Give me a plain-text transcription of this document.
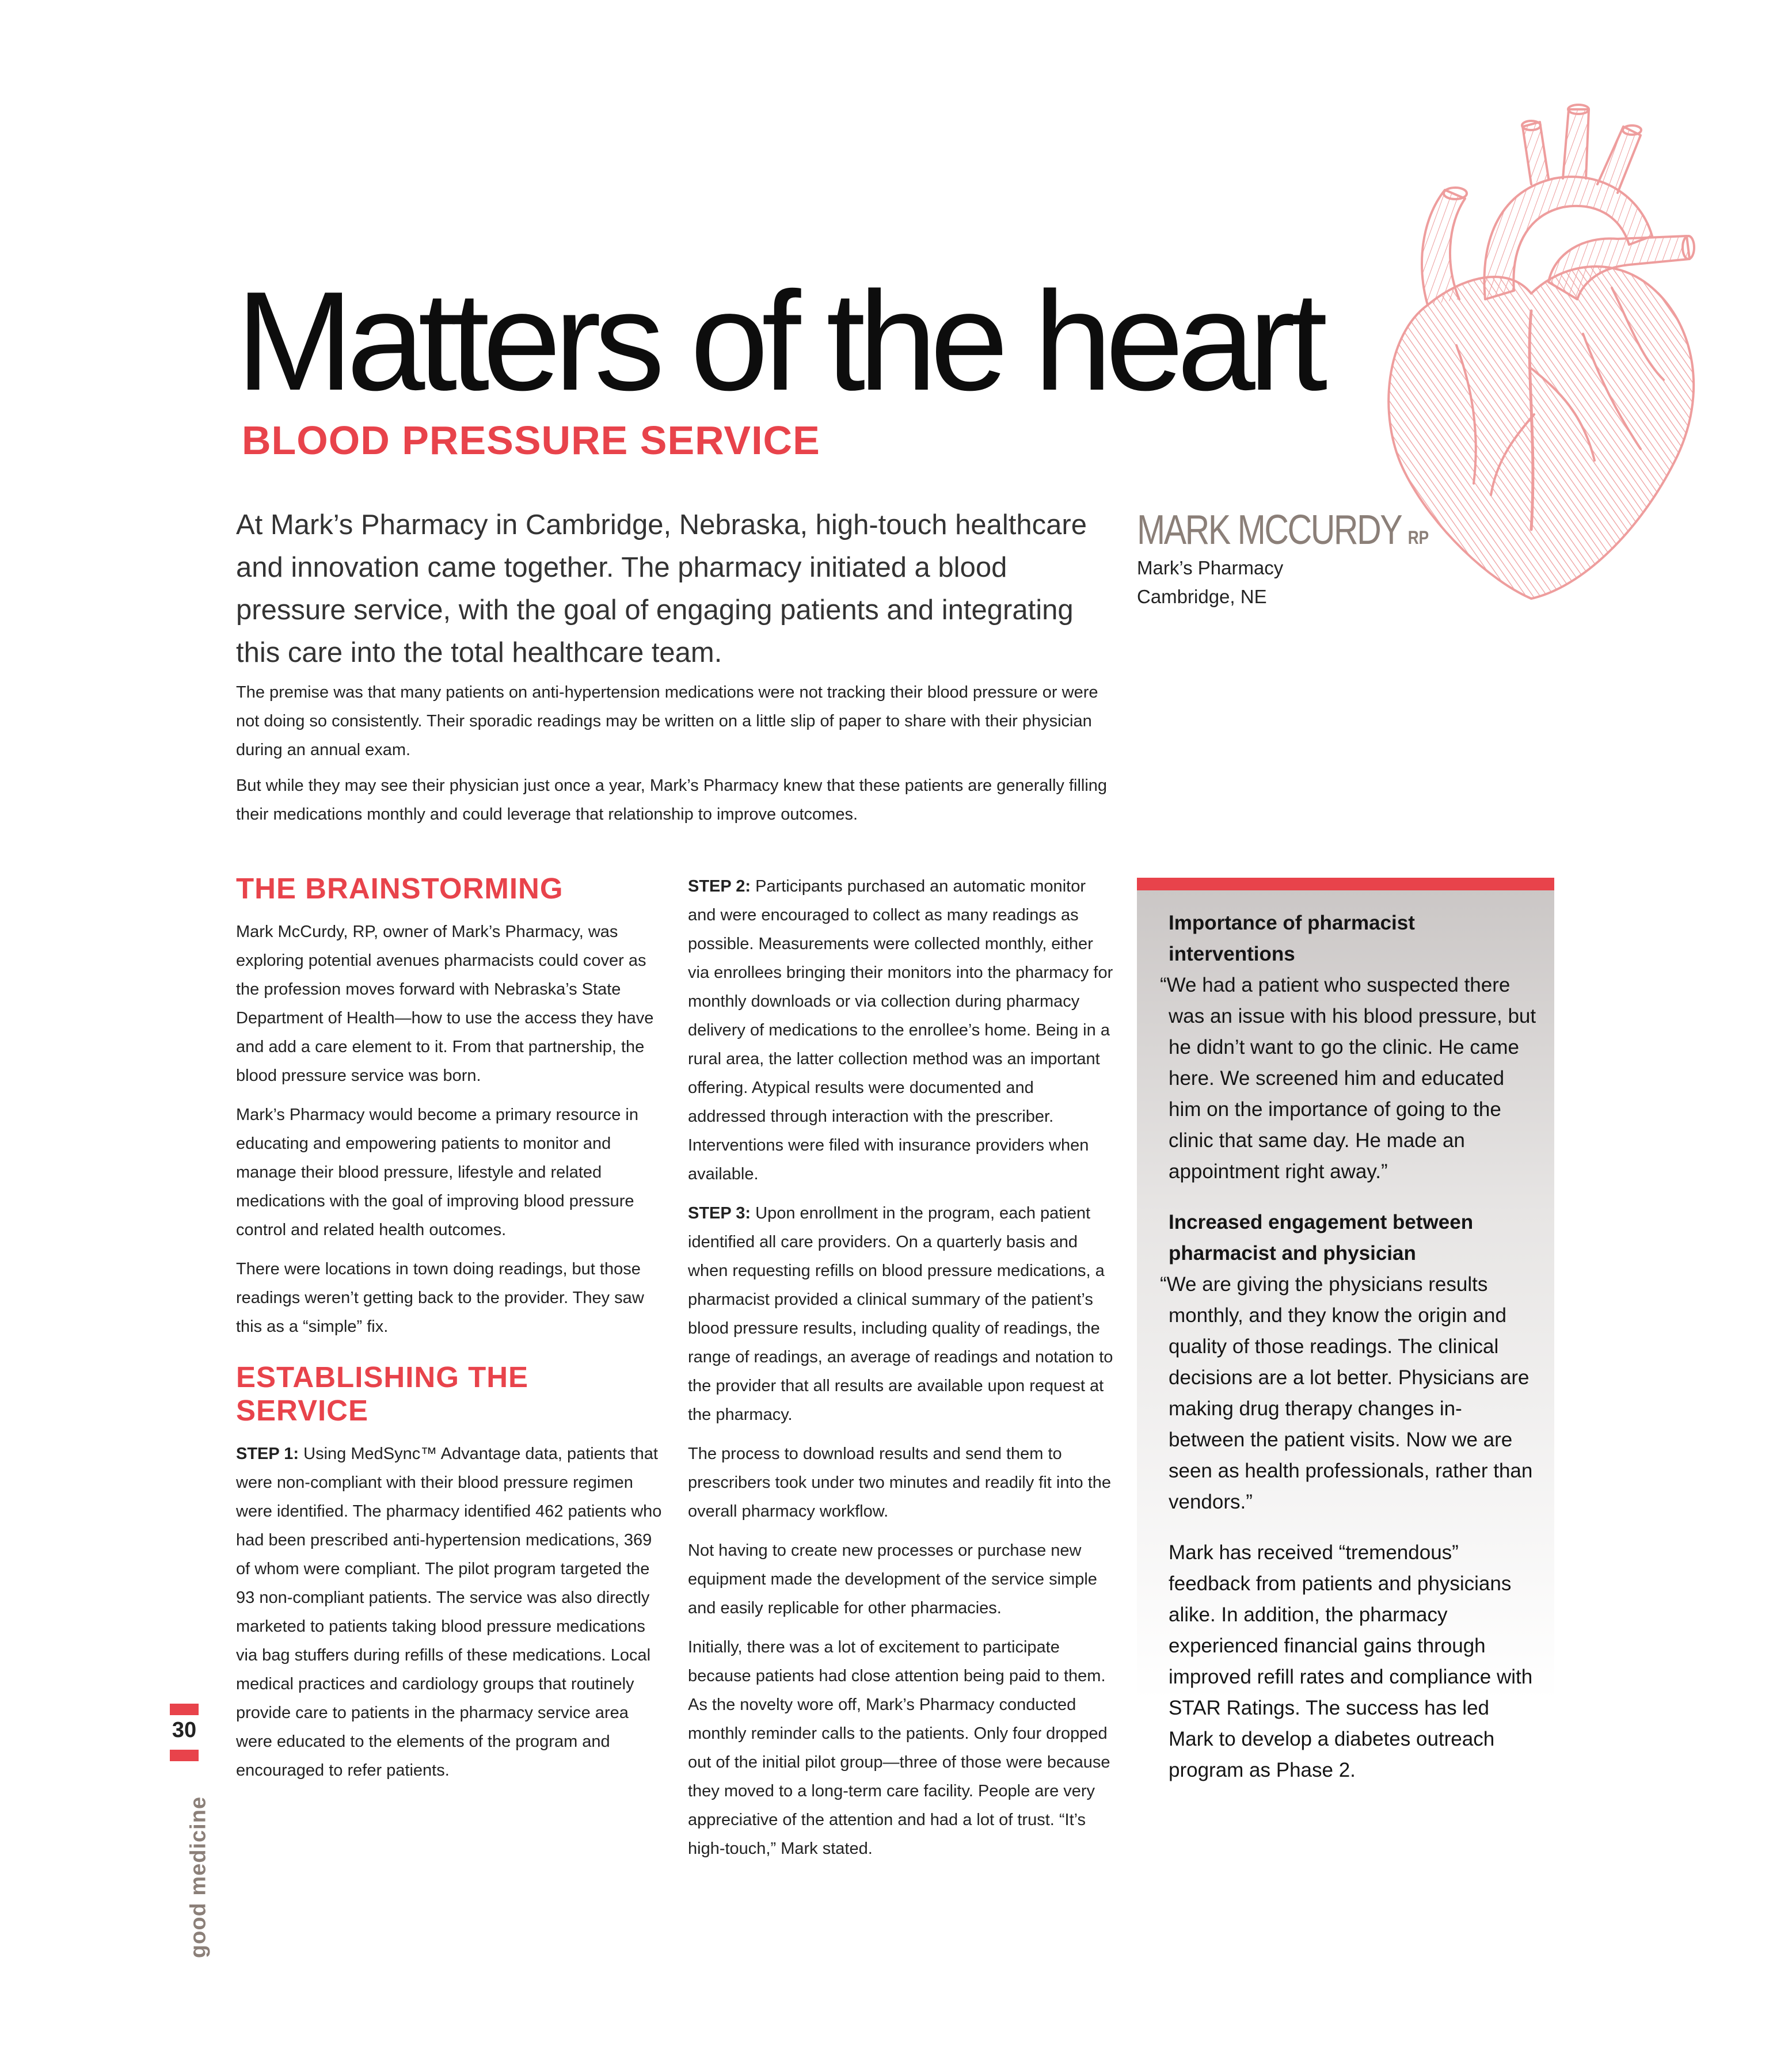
Matters of the heart
BLOOD PRESSURE SERVICE

At Mark’s Pharmacy in Cambridge, Nebraska, high-touch healthcare and innovation came together. The pharmacy initiated a blood pressure service, with the goal of engaging patients and integrating this care into the total healthcare team.

The premise was that many patients on anti-hypertension medications were not tracking their blood pressure or were not doing so consistently. Their sporadic readings may be written on a little slip of paper to share with their physician during an annual exam.

But while they may see their physician just once a year, Mark’s Pharmacy knew that these patients are generally filling their medications monthly and could leverage that relationship to improve outcomes.

MARK MCCURDY RP

Mark’s Pharmacy

Cambridge, NE

THE BRAINSTORMING

Mark McCurdy, RP, owner of Mark’s Pharmacy, was exploring potential avenues pharmacists could cover as the profession moves forward with Nebraska’s State Department of Health—how to use the access they have and add a care element to it. From that partnership, the blood pressure service was born.

Mark’s Pharmacy would become a primary resource in educating and empowering patients to monitor and manage their blood pressure, lifestyle and related medications with the goal of improving blood pressure control and related health outcomes.

There were locations in town doing readings, but those readings weren’t getting back to the provider. They saw this as a “simple” fix.

ESTABLISHING THE SERVICE

STEP 1: Using MedSync™ Advantage data, patients that were non-compliant with their blood pressure regimen were identified. The pharmacy identified 462 patients who had been prescribed anti-hypertension medications, 369 of whom were compliant. The pilot program targeted the 93 non-compliant patients. The service was also directly marketed to patients taking blood pressure medications via bag stuffers during refills of these medications. Local medical practices and cardiology groups that routinely provide care to patients in the pharmacy service area were educated to the elements of the program and encouraged to refer patients.

STEP 2: Participants purchased an automatic monitor and were encouraged to collect as many readings as possible. Measurements were collected monthly, either via enrollees bringing their monitors into the pharmacy for monthly downloads or via collection during pharmacy delivery of medications to the enrollee’s home. Being in a rural area, the latter collection method was an important offering. Atypical results were documented and addressed through interaction with the prescriber. Interventions were filed with insurance providers when available.

STEP 3: Upon enrollment in the program, each patient identified all care providers. On a quarterly basis and when requesting refills on blood pressure medications, a pharmacist provided a clinical summary of the patient’s blood pressure results, including quality of readings, the range of readings, an average of readings and notation to the provider that all results are available upon request at the pharmacy.

The process to download results and send them to prescribers took under two minutes and readily fit into the overall pharmacy workflow.

Not having to create new processes or purchase new equipment made the development of the service simple and easily replicable for other pharmacies.

Initially, there was a lot of excitement to participate because patients had close attention being paid to them. As the novelty wore off, Mark’s Pharmacy conducted monthly reminder calls to the patients. Only four dropped out of the initial pilot group—three of those were because they moved to a long-term care facility. People are very appreciative of the attention and had a lot of trust. “It’s high-touch,” Mark stated.

Importance of pharmacist interventions

“We had a patient who suspected there was an issue with his blood pressure, but he didn’t want to go the clinic. He came here. We screened him and educated him on the importance of going to the clinic that same day. He made an appointment right away.”

Increased engagement between pharmacist and physician

“We are giving the physicians results monthly, and they know the origin and quality of those readings. The clinical decisions are a lot better. Physicians are making drug therapy changes in-between the patient visits. Now we are seen as health professionals, rather than vendors.”

Mark has received “tremendous” feedback from patients and physicians alike. In addition, the pharmacy experienced financial gains through improved refill rates and compliance with STAR Ratings. The success has led Mark to develop a diabetes outreach program as Phase 2.

30
good medicine
